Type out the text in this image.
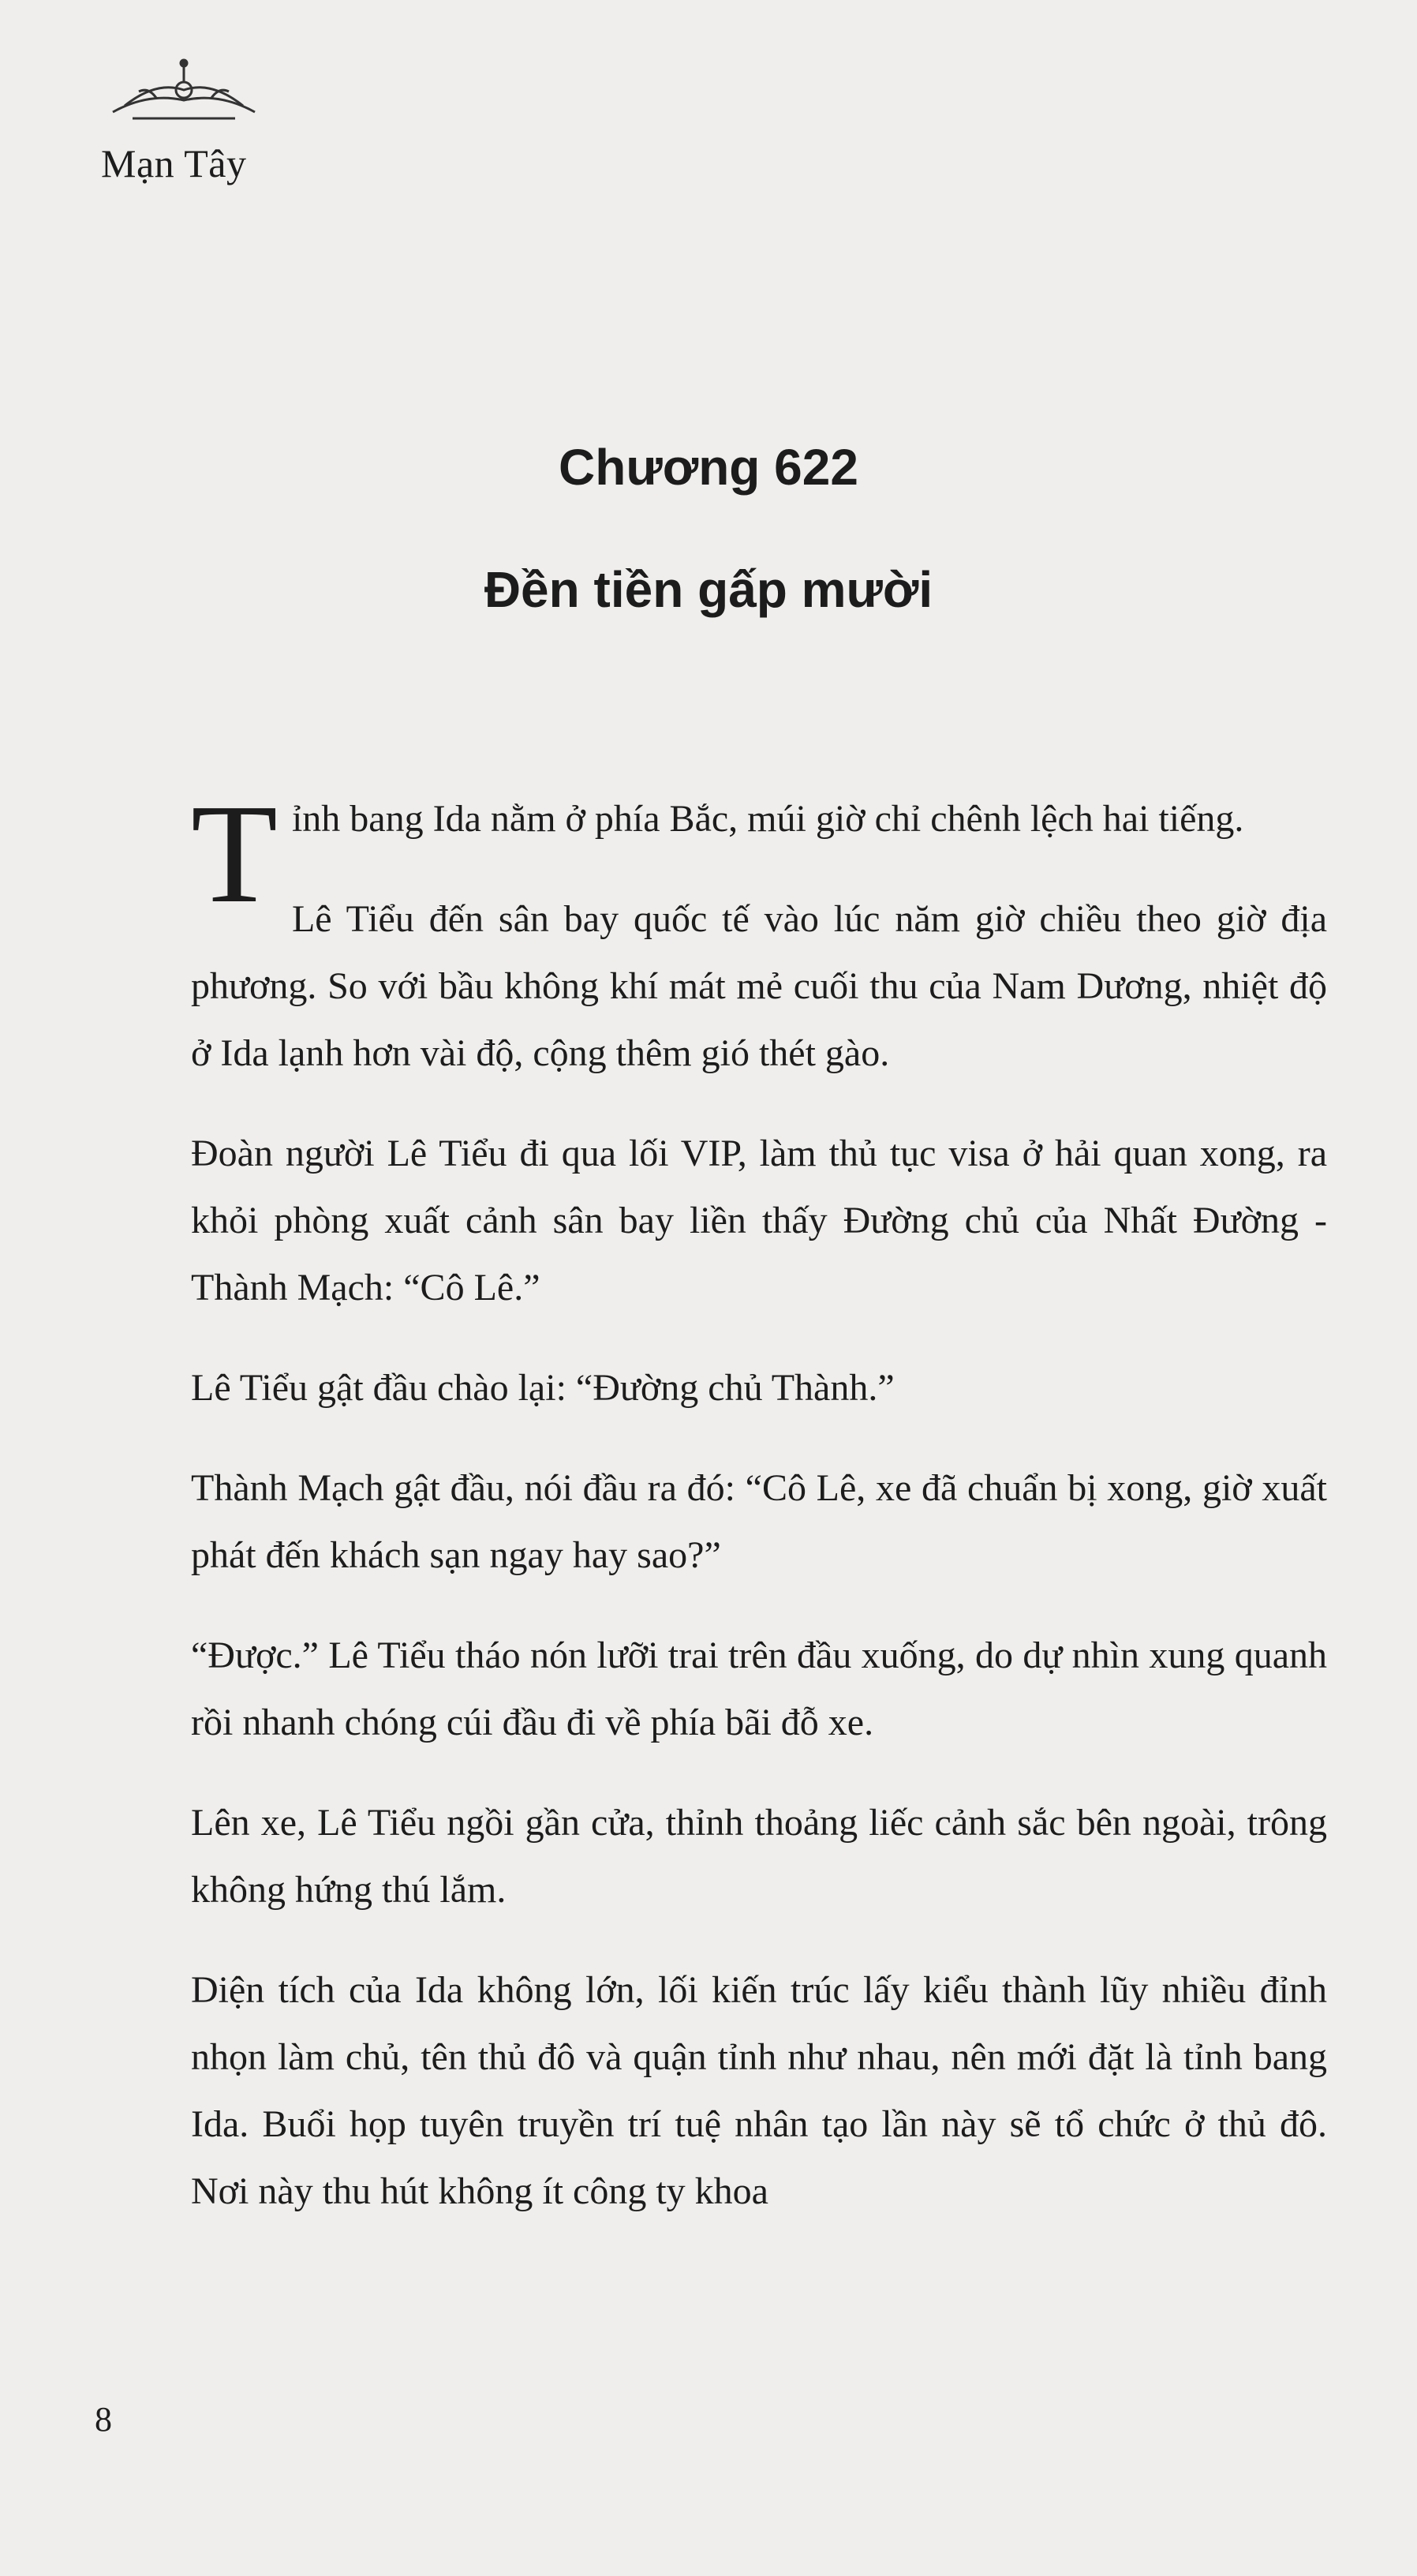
Mạn Tây
Chương 622
Đền tiền gấp mười

Tỉnh bang Ida nằm ở phía Bắc, múi giờ chỉ chênh lệch hai tiếng.

Lê Tiểu đến sân bay quốc tế vào lúc năm giờ chiều theo giờ địa phương. So với bầu không khí mát mẻ cuối thu của Nam Dương, nhiệt độ ở Ida lạnh hơn vài độ, cộng thêm gió thét gào.

Đoàn người Lê Tiểu đi qua lối VIP, làm thủ tục visa ở hải quan xong, ra khỏi phòng xuất cảnh sân bay liền thấy Đường chủ của Nhất Đường - Thành Mạch: “Cô Lê.”

Lê Tiểu gật đầu chào lại: “Đường chủ Thành.”

Thành Mạch gật đầu, nói đầu ra đó: “Cô Lê, xe đã chuẩn bị xong, giờ xuất phát đến khách sạn ngay hay sao?”

“Được.” Lê Tiểu tháo nón lưỡi trai trên đầu xuống, do dự nhìn xung quanh rồi nhanh chóng cúi đầu đi về phía bãi đỗ xe.

Lên xe, Lê Tiểu ngồi gần cửa, thỉnh thoảng liếc cảnh sắc bên ngoài, trông không hứng thú lắm.

Diện tích của Ida không lớn, lối kiến trúc lấy kiểu thành lũy nhiều đỉnh nhọn làm chủ, tên thủ đô và quận tỉnh như nhau, nên mới đặt là tỉnh bang Ida. Buổi họp tuyên truyền trí tuệ nhân tạo lần này sẽ tổ chức ở thủ đô. Nơi này thu hút không ít công ty khoa

8
